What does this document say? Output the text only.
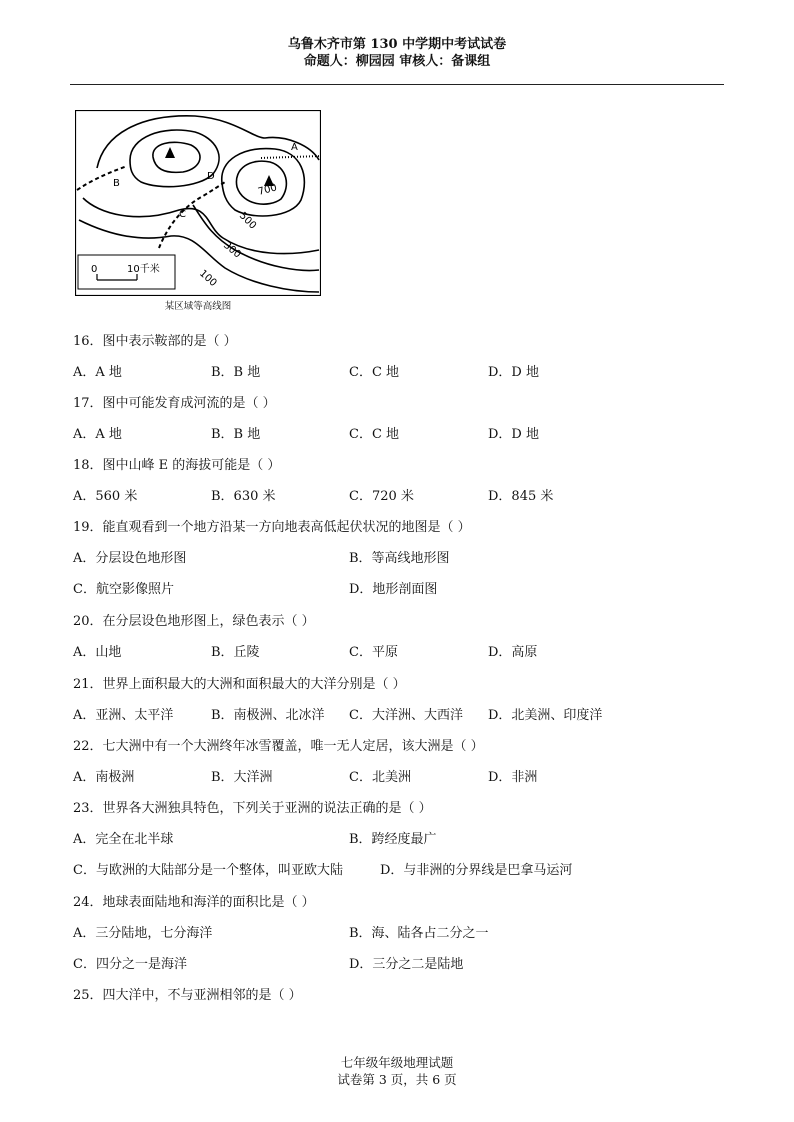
乌鲁木齐市第 130 中学期中考试试卷
命题人：柳园园 审核人：备课组
0	10千米
A
B
D
C
700
500
300
100
某区域等高线图
16．图中表示鞍部的是（ ）
A．A 地	B．B 地	C．C 地	D．D 地
17．图中可能发育成河流的是（ ）
A．A 地	B．B 地	C．C 地	D．D 地
18．图中山峰 E 的海拔可能是（ ）
A．560 米	B．630 米	C．720 米	D．845 米
19．能直观看到一个地方沿某一方向地表高低起伏状况的地图是（ ）
A．分层设色地形图	B．等高线地形图
C．航空影像照片	D．地形剖面图
20．在分层设色地形图上，绿色表示（ ）
A．山地	B．丘陵	C．平原	D．高原
21．世界上面积最大的大洲和面积最大的大洋分别是（ ）
A．亚洲、太平洋	B．南极洲、北冰洋 C．大洋洲、大西洋 D．北美洲、印度洋
22．七大洲中有一个大洲终年冰雪覆盖，唯一无人定居，该大洲是（ ）
A．南极洲	B．大洋洲	C．北美洲	D．非洲
23．世界各大洲独具特色，下列关于亚洲的说法正确的是（ ）
A．完全在北半球	B．跨经度最广
C．与欧洲的大陆部分是一个整体，叫亚欧大陆	D．与非洲的分界线是巴拿马运河
24．地球表面陆地和海洋的面积比是（ ）
A．三分陆地，七分海洋	B．海、陆各占二分之一
C．四分之一是海洋	D．三分之二是陆地
25．四大洋中，不与亚洲相邻的是（ ）
七年级年级地理试题
试卷第 3 页，共 6 页
